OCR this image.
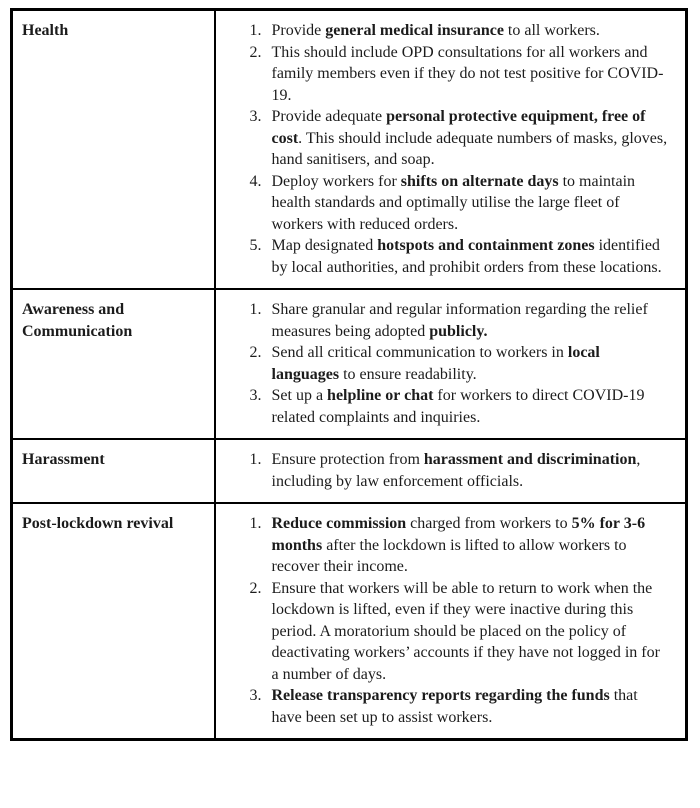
Health	1. Provide general medical insurance to all workers.
2. This should include OPD consultations for all workers and family members even if they do not test positive for COVID-19.
3. Provide adequate personal protective equipment, free of cost. This should include adequate numbers of masks, gloves, hand sanitisers, and soap.
4. Deploy workers for shifts on alternate days to maintain health standards and optimally utilise the large fleet of workers with reduced orders.
5. Map designated hotspots and containment zones identified by local authorities, and prohibit orders from these locations.

Awareness and Communication

1. Share granular and regular information regarding the relief measures being adopted publicly.
2. Send all critical communication to workers in local languages to ensure readability.
3. Set up a helpline or chat for workers to direct COVID-19 related complaints and inquiries.

Harassment	1. Ensure protection from harassment and discrimination, including by law enforcement officials.

Post-lockdown revival	1. Reduce commission charged from workers to 5% for 3-6 months after the lockdown is lifted to allow workers to recover their income.
2. Ensure that workers will be able to return to work when the lockdown is lifted, even if they were inactive during this period. A moratorium should be placed on the policy of deactivating workers’ accounts if they have not logged in for a number of days.
3. Release transparency reports regarding the funds that have been set up to assist workers.
